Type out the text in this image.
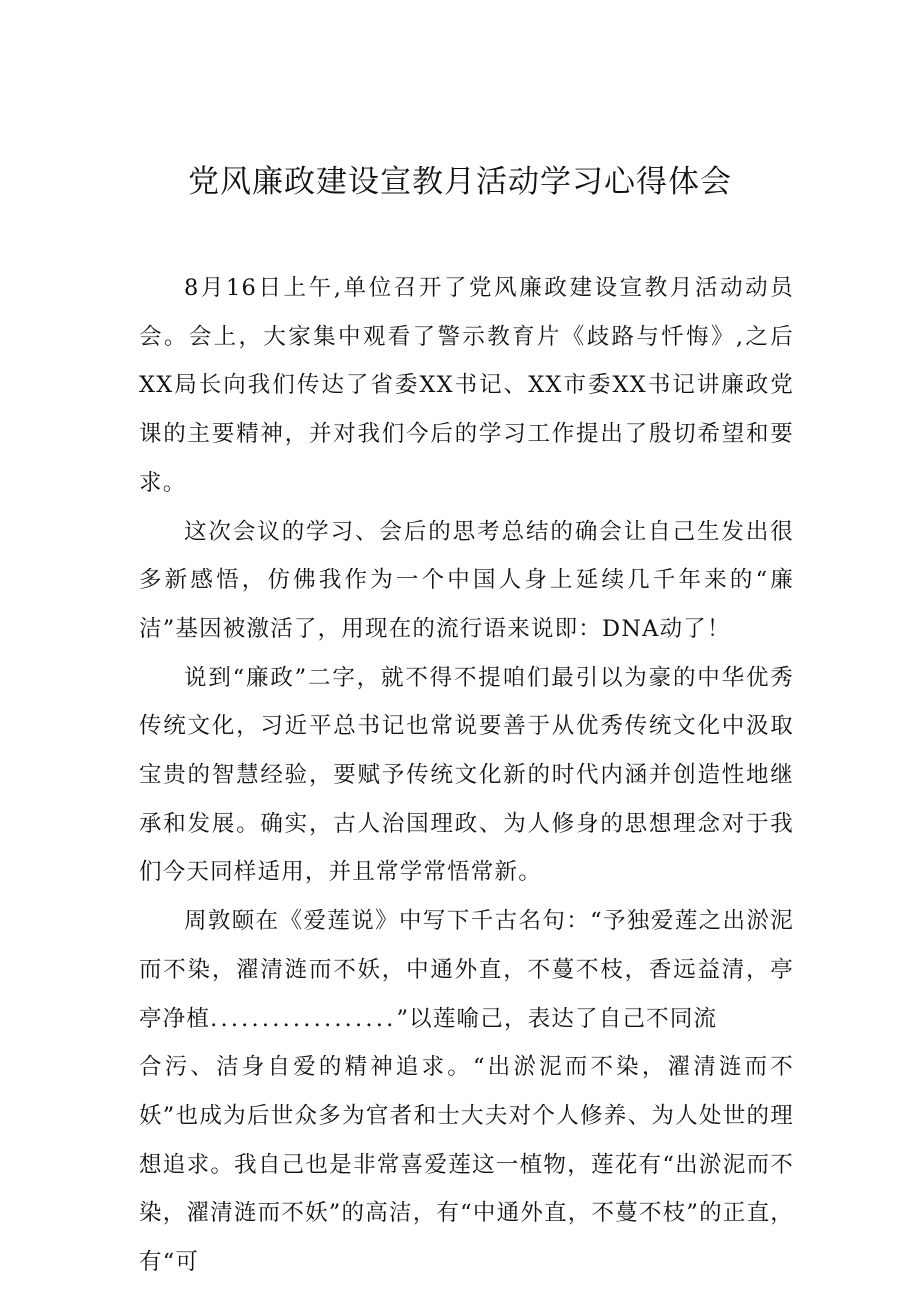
党风廉政建设宣教月活动学习心得体会

8月16日上午,单位召开了党风廉政建设宣教月活动动员会。会上，大家集中观看了警示教育片《歧路与忏悔》,之后XX局长向我们传达了省委XX书记、XX市委XX书记讲廉政党课的主要精神，并对我们今后的学习工作提出了殷切希望和要求。

这次会议的学习、会后的思考总结的确会让自己生发出很多新感悟，仿佛我作为一个中国人身上延续几千年来的“廉洁”基因被激活了，用现在的流行语来说即：DNA动了！

说到“廉政”二字，就不得不提咱们最引以为豪的中华优秀传统文化，习近平总书记也常说要善于从优秀传统文化中汲取宝贵的智慧经验，要赋予传统文化新的时代内涵并创造性地继承和发展。确实，古人治国理政、为人修身的思想理念对于我们今天同样适用，并且常学常悟常新。

周敦颐在《爱莲说》中写下千古名句：“予独爱莲之出淤泥而不染，濯清涟而不妖，中通外直，不蔓不枝，香远益清，亭亭净植..................”以莲喻己，表达了自己不同流

合污、洁身自爱的精神追求。“出淤泥而不染，濯清涟而不妖”也成为后世众多为官者和士大夫对个人修养、为人处世的理想追求。我自己也是非常喜爱莲这一植物，莲花有“出淤泥而不染，濯清涟而不妖”的高洁，有“中通外直，不蔓不枝”的正直，有“可
